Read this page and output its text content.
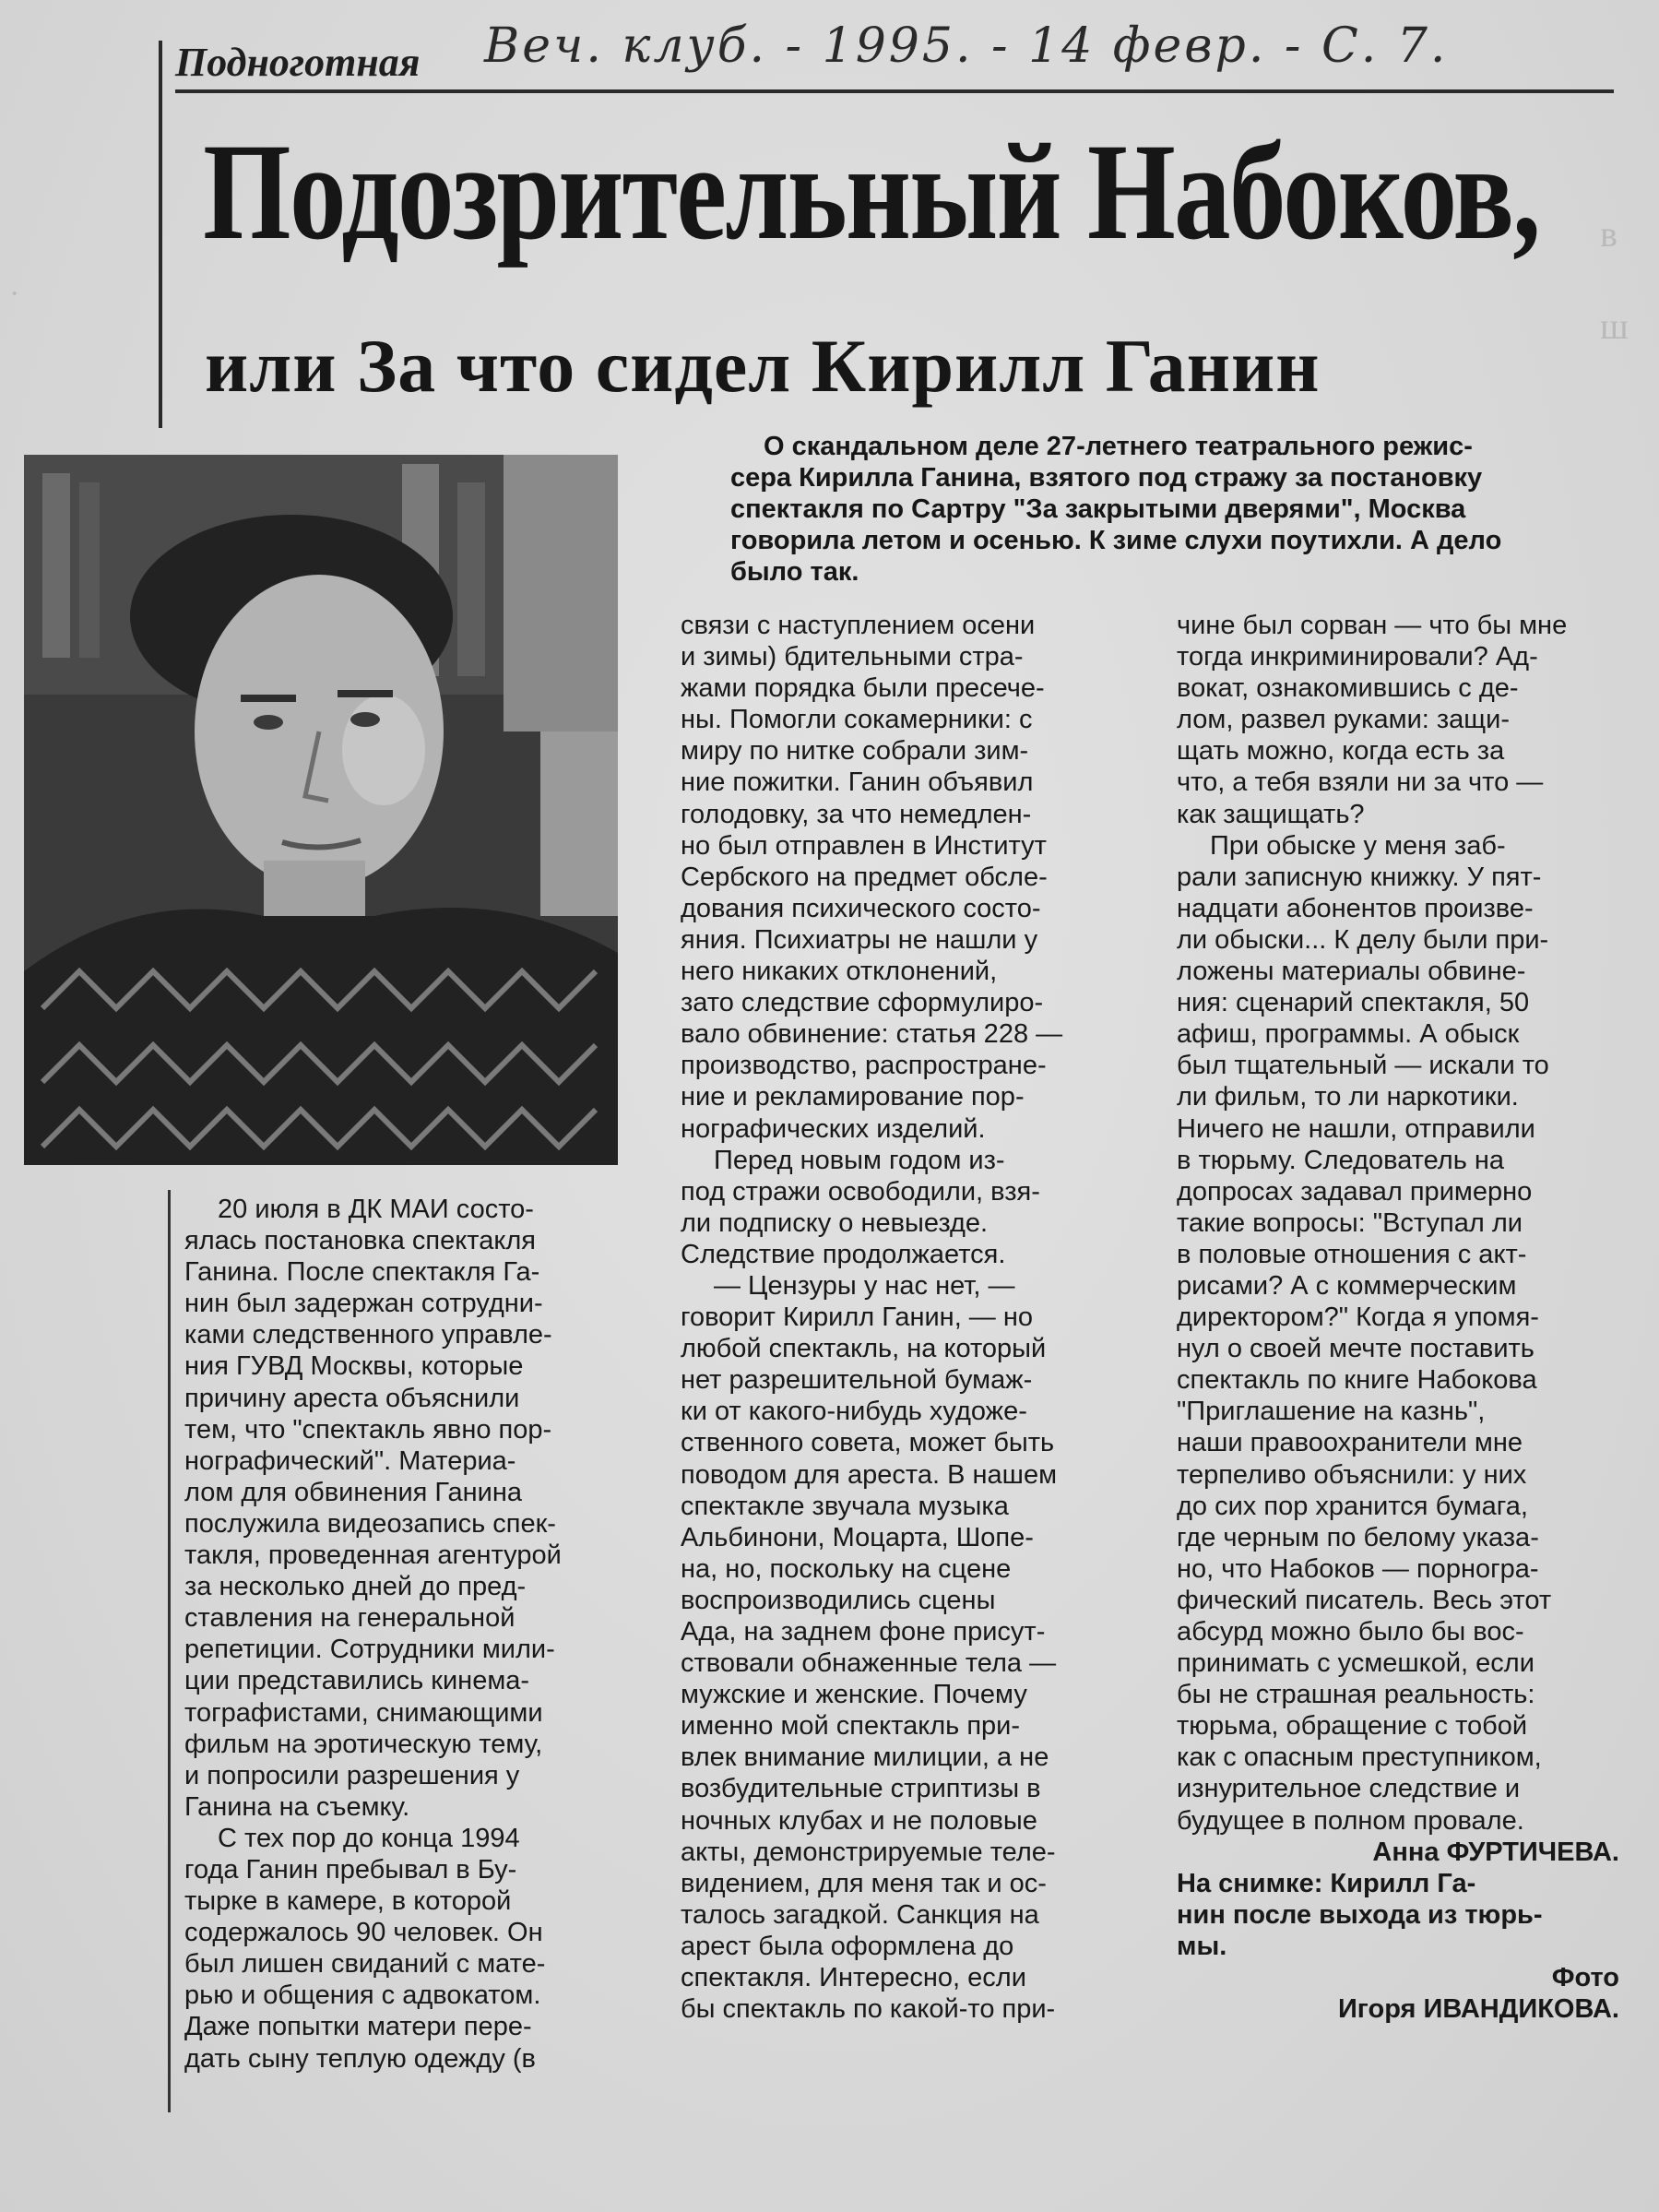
в
ш
·
Подноготная Веч. клуб. - 1995. - 14 февр. - С. 7.
Подозрительный Набоков,
или За что сидел Кирилл Ганин
О скандальном деле 27-летнего театрального режис-
сера Кирилла Ганина, взятого под стражу за постановку
спектакля по Сартру "За закрытыми дверями", Москва
говорила летом и осенью. К зиме слухи поутихли. А дело
было так.
20 июля в ДК МАИ состо-
ялась постановка спектакля
Ганина. После спектакля Га-
нин был задержан сотрудни-
ками следственного управле-
ния ГУВД Москвы, которые
причину ареста объяснили
тем, что "спектакль явно пор-
нографический". Материа-
лом для обвинения Ганина
послужила видеозапись спек-
такля, проведенная агентурой
за несколько дней до пред-
ставления на генеральной
репетиции. Сотрудники мили-
ции представились кинема-
тографистами, снимающими
фильм на эротическую тему,
и попросили разрешения у
Ганина на съемку.
С тех пор до конца 1994
года Ганин пребывал в Бу-
тырке в камере, в которой
содержалось 90 человек. Он
был лишен свиданий с мате-
рью и общения с адвокатом.
Даже попытки матери пере-
дать сыну теплую одежду (в
связи с наступлением осени
и зимы) бдительными стра-
жами порядка были пресече-
ны. Помогли сокамерники: с
миру по нитке собрали зим-
ние пожитки. Ганин объявил
голодовку, за что немедлен-
но был отправлен в Институт
Сербского на предмет обсле-
дования психического состо-
яния. Психиатры не нашли у
него никаких отклонений,
зато следствие сформулиро-
вало обвинение: статья 228 —
производство, распростране-
ние и рекламирование пор-
нографических изделий.
Перед новым годом из-
под стражи освободили, взя-
ли подписку о невыезде.
Следствие продолжается.
— Цензуры у нас нет, —
говорит Кирилл Ганин, — но
любой спектакль, на который
нет разрешительной бумаж-
ки от какого-нибудь художе-
ственного совета, может быть
поводом для ареста. В нашем
спектакле звучала музыка
Альбинони, Моцарта, Шопе-
на, но, поскольку на сцене
воспроизводились сцены
Ада, на заднем фоне присут-
ствовали обнаженные тела —
мужские и женские. Почему
именно мой спектакль при-
влек внимание милиции, а не
возбудительные стриптизы в
ночных клубах и не половые
акты, демонстрируемые теле-
видением, для меня так и ос-
талось загадкой. Санкция на
арест была оформлена до
спектакля. Интересно, если
бы спектакль по какой-то при-
чине был сорван — что бы мне
тогда инкриминировали? Ад-
вокат, ознакомившись с де-
лом, развел руками: защи-
щать можно, когда есть за
что, а тебя взяли ни за что —
как защищать?
При обыске у меня заб-
рали записную книжку. У пят-
надцати абонентов произве-
ли обыски... К делу были при-
ложены материалы обвине-
ния: сценарий спектакля, 50
афиш, программы. А обыск
был тщательный — искали то
ли фильм, то ли наркотики.
Ничего не нашли, отправили
в тюрьму. Следователь на
допросах задавал примерно
такие вопросы: "Вступал ли
в половые отношения с акт-
рисами? А с коммерческим
директором?" Когда я упомя-
нул о своей мечте поставить
спектакль по книге Набокова
"Приглашение на казнь",
наши правоохранители мне
терпеливо объяснили: у них
до сих пор хранится бумага,
где черным по белому указа-
но, что Набоков — порногра-
фический писатель. Весь этот
абсурд можно было бы вос-
принимать с усмешкой, если
бы не страшная реальность:
тюрьма, обращение с тобой
как с опасным преступником,
изнурительное следствие и
будущее в полном провале.
Анна ФУРТИЧЕВА.
На снимке: Кирилл Га-
нин после выхода из тюрь-
мы.
Фото
Игоря ИВАНДИКОВА.
